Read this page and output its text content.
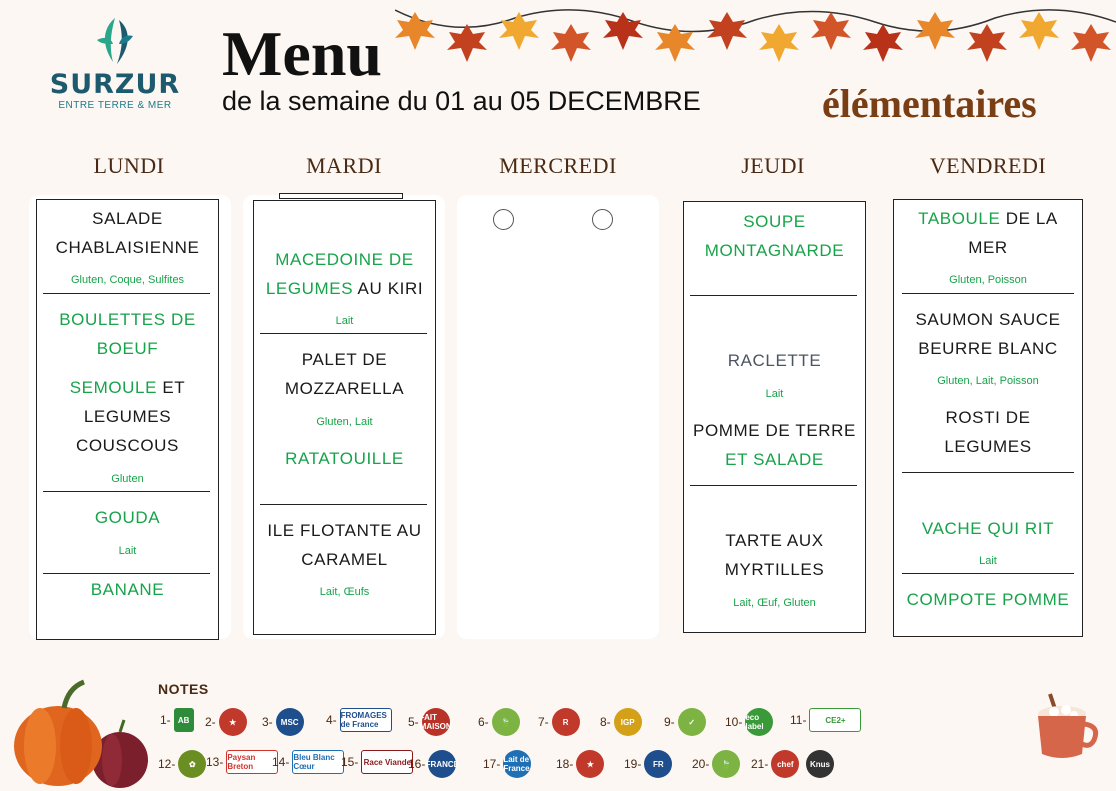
SURZUR
ENTRE TERRE & MER
Menu
de la semaine du 01 au 05 DECEMBRE	élémentaires
LUNDI	MARDI	MERCREDI	JEUDI	VENDREDI
SALADE CHABLAISIENNE
Gluten, Coque, Sulfites
BOULETTES DE BOEUF
SEMOULE ET LEGUMES COUSCOUS
Gluten
GOUDA
Lait
BANANE
MACEDOINE DE LEGUMES AU KIRI
Lait
PALET DE MOZZARELLA
Gluten, Lait
RATATOUILLE
ILE FLOTANTE AU CARAMEL
Lait, Œufs
SOUPE MONTAGNARDE
RACLETTE
Lait
POMME DE TERRE
ET SALADE
TARTE AUX MYRTILLES
Lait, Œuf, Gluten
TABOULE DE LA MER
Gluten, Poisson
SAUMON SAUCE BEURRE BLANC
Gluten, Lait, Poisson
ROSTI DE LEGUMES
VACHE QUI RIT
Lait
COMPOTE POMME
NOTES
1- AB	2-	★	3-	MSC	4- FROMAGES de France	5- FAIT MAISON 6-	🍃	7-	R	8-	IGP	9-	✓	10- eco label	11-	CE2+
12-	✿ 13- Paysan Breton	14- Bleu Blanc Cœur	15- Race Viande
16- FRANCE 17- Lait de France 18-	★	19-	FR	20-	🍃	21-	chef	Knus
